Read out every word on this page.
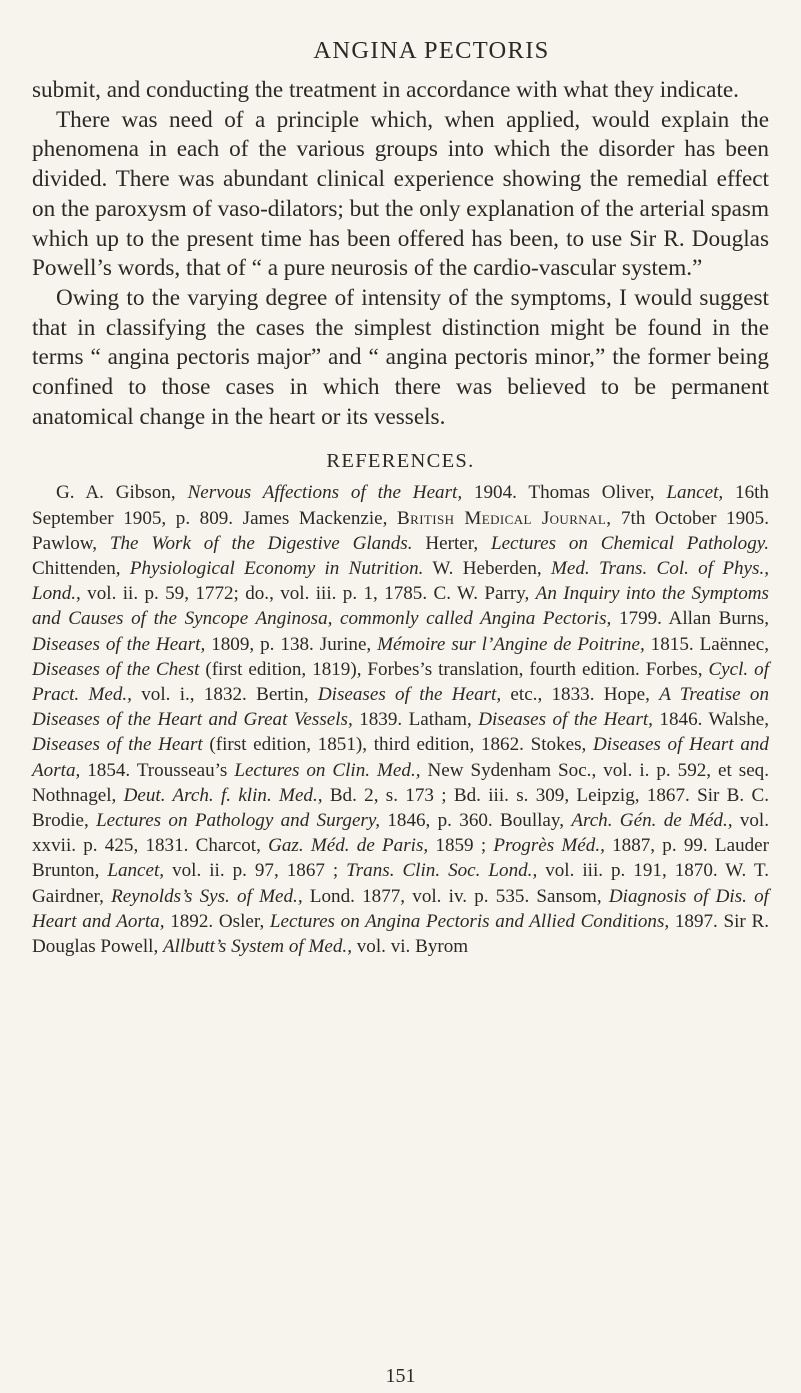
ANGINA PECTORIS

submit, and conducting the treatment in accordance with what they indicate.

There was need of a principle which, when applied, would explain the phenomena in each of the various groups into which the disorder has been divided. There was abundant clinical experience showing the remedial effect on the paroxysm of vaso-dilators; but the only explanation of the arterial spasm which up to the present time has been offered has been, to use Sir R. Douglas Powell’s words, that of “ a pure neurosis of the cardio-vascular system.”

Owing to the varying degree of intensity of the symptoms, I would suggest that in classifying the cases the simplest distinction might be found in the terms “ angina pectoris major” and “ angina pectoris minor,” the former being confined to those cases in which there was believed to be permanent anatomical change in the heart or its vessels.

REFERENCES.

G. A. Gibson, Nervous Affections of the Heart, 1904. Thomas Oliver, Lancet, 16th September 1905, p. 809. James Mackenzie, British Medical Journal, 7th October 1905. Pawlow, The Work of the Digestive Glands. Herter, Lectures on Chemical Pathology. Chittenden, Physiological Economy in Nutrition. W. Heberden, Med. Trans. Col. of Phys., Lond., vol. ii. p. 59, 1772; do., vol. iii. p. 1, 1785. C. W. Parry, An Inquiry into the Symptoms and Causes of the Syncope Anginosa, commonly called Angina Pectoris, 1799. Allan Burns, Diseases of the Heart, 1809, p. 138. Jurine, Mémoire sur l’Angine de Poitrine, 1815. Laënnec, Diseases of the Chest (first edition, 1819), Forbes’s translation, fourth edition. Forbes, Cycl. of Pract. Med., vol. i., 1832. Bertin, Diseases of the Heart, etc., 1833. Hope, A Treatise on Diseases of the Heart and Great Vessels, 1839. Latham, Diseases of the Heart, 1846. Walshe, Diseases of the Heart (first edition, 1851), third edition, 1862. Stokes, Diseases of Heart and Aorta, 1854. Trousseau’s Lectures on Clin. Med., New Sydenham Soc., vol. i. p. 592, et seq. Nothnagel, Deut. Arch. f. klin. Med., Bd. 2, s. 173 ; Bd. iii. s. 309, Leipzig, 1867. Sir B. C. Brodie, Lectures on Pathology and Surgery, 1846, p. 360. Boullay, Arch. Gén. de Méd., vol. xxvii. p. 425, 1831. Charcot, Gaz. Méd. de Paris, 1859 ; Progrès Méd., 1887, p. 99. Lauder Brunton, Lancet, vol. ii. p. 97, 1867 ; Trans. Clin. Soc. Lond., vol. iii. p. 191, 1870. W. T. Gairdner, Reynolds’s Sys. of Med., Lond. 1877, vol. iv. p. 535. Sansom, Diagnosis of Dis. of Heart and Aorta, 1892. Osler, Lectures on Angina Pectoris and Allied Conditions, 1897. Sir R. Douglas Powell, Allbutt’s System of Med., vol. vi. Byrom

151
